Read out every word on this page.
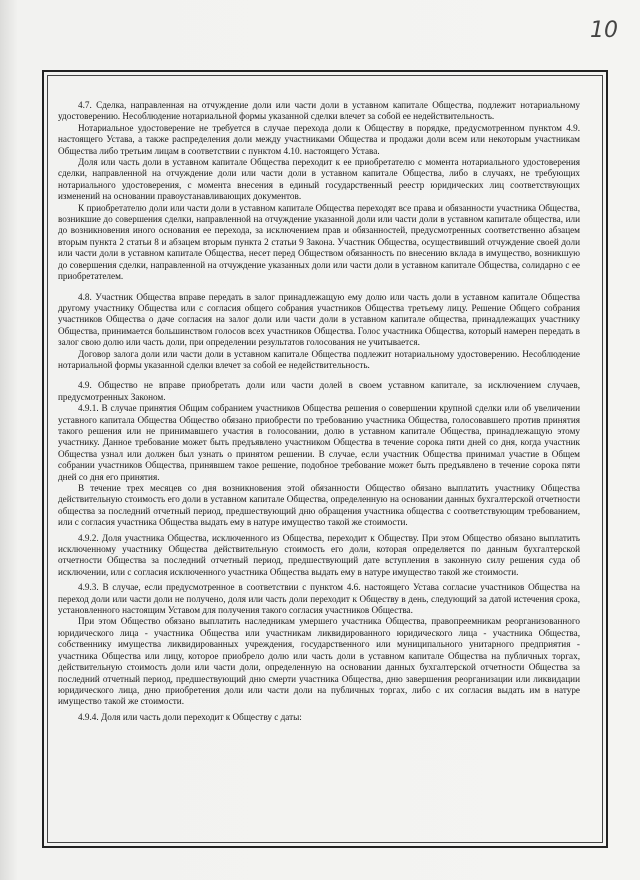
10

4.7. Сделка, направленная на отчуждение доли или части доли в уставном капитале Общества, подлежит нотариальному удостоверению. Несоблюдение нотариальной формы указанной сделки влечет за собой ее недействительность.

Нотариальное удостоверение не требуется в случае перехода доли к Обществу в порядке, предусмотренном пунктом 4.9. настоящего Устава, а также распределения доли между участниками Общества и продажи доли всем или некоторым участникам Общества либо третьим лицам в соответствии с пунктом 4.10. настоящего Устава.

Доля или часть доли в уставном капитале Общества переходит к ее приобретателю с момента нотариального удостоверения сделки, направленной на отчуждение доли или части доли в уставном капитале Общества, либо в случаях, не требующих нотариального удостоверения, с момента внесения в единый государственный реестр юридических лиц соответствующих изменений на основании правоустанавливающих документов.

К приобретателю доли или части доли в уставном капитале Общества переходят все права и обязанности участника Общества, возникшие до совершения сделки, направленной на отчуждение указанной доли или части доли в уставном капитале общества, или до возникновения иного основания ее перехода, за исключением прав и обязанностей, предусмотренных соответственно абзацем вторым пункта 2 статьи 8 и абзацем вторым пункта 2 статьи 9 Закона. Участник Общества, осуществивший отчуждение своей доли или части доли в уставном капитале Общества, несет перед Обществом обязанность по внесению вклада в имущество, возникшую до совершения сделки, направленной на отчуждение указанных доли или части доли в уставном капитале Общества, солидарно с ее приобретателем.

4.8. Участник Общества вправе передать в залог принадлежащую ему долю или часть доли в уставном капитале Общества другому участнику Общества или с согласия общего собрания участников Общества третьему лицу. Решение Общего собрания участников Общества о даче согласия на залог доли или части доли в уставном капитале общества, принадлежащих участнику Общества, принимается большинством голосов всех участников Общества. Голос участника Общества, который намерен передать в залог свою долю или часть доли, при определении результатов голосования не учитывается.

Договор залога доли или части доли в уставном капитале Общества подлежит нотариальному удостоверению. Несоблюдение нотариальной формы указанной сделки влечет за собой ее недействительность.

4.9. Общество не вправе приобретать доли или части долей в своем уставном капитале, за исключением случаев, предусмотренных Законом.

4.9.1. В случае принятия Общим собранием участников Общества решения о совершении крупной сделки или об увеличении уставного капитала Общества Общество обязано приобрести по требованию участника Общества, голосовавшего против принятия такого решения или не принимавшего участия в голосовании, долю в уставном капитале Общества, принадлежащую этому участнику. Данное требование может быть предъявлено участником Общества в течение сорока пяти дней со дня, когда участник Общества узнал или должен был узнать о принятом решении. В случае, если участник Общества принимал участие в Общем собрании участников Общества, принявшем такое решение, подобное требование может быть предъявлено в течение сорока пяти дней со дня его принятия.

В течение трех месяцев со дня возникновения этой обязанности Общество обязано выплатить участнику Общества действительную стоимость его доли в уставном капитале Общества, определенную на основании данных бухгалтерской отчетности общества за последний отчетный период, предшествующий дню обращения участника общества с соответствующим требованием, или с согласия участника Общества выдать ему в натуре имущество такой же стоимости.

4.9.2. Доля участника Общества, исключенного из Общества, переходит к Обществу. При этом Общество обязано выплатить исключенному участнику Общества действительную стоимость его доли, которая определяется по данным бухгалтерской отчетности Общества за последний отчетный период, предшествующий дате вступления в законную силу решения суда об исключении, или с согласия исключенного участника Общества выдать ему в натуре имущество такой же стоимости.

4.9.3. В случае, если предусмотренное в соответствии с пунктом 4.6. настоящего Устава согласие участников Общества на переход доли или части доли не получено, доля или часть доли переходит к Обществу в день, следующий за датой истечения срока, установленного настоящим Уставом для получения такого согласия участников Общества.

При этом Общество обязано выплатить наследникам умершего участника Общества, правопреемникам реорганизованного юридического лица - участника Общества или участникам ликвидированного юридического лица - участника Общества, собственнику имущества ликвидированных учреждения, государственного или муниципального унитарного предприятия - участника Общества или лицу, которое приобрело долю или часть доли в уставном капитале Общества на публичных торгах, действительную стоимость доли или части доли, определенную на основании данных бухгалтерской отчетности Общества за последний отчетный период, предшествующий дню смерти участника Общества, дню завершения реорганизации или ликвидации юридического лица, дню приобретения доли или части доли на публичных торгах, либо с их согласия выдать им в натуре имущество такой же стоимости.

4.9.4. Доля или часть доли переходит к Обществу с даты:
